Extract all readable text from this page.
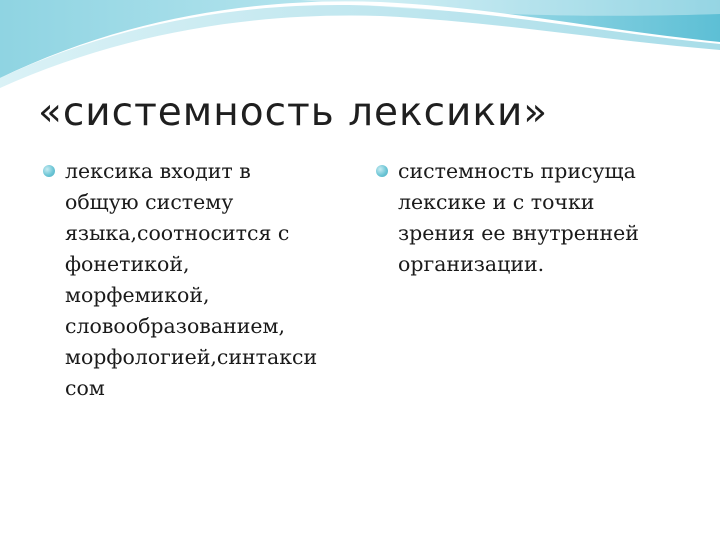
«системность лексики»
лексика входит в
общую систему
языка,соотносится с
фонетикой,
морфемикой,
словообразованием,
морфологией,синтакси
сом
системность присуща
лексике и с точки
зрения ее внутренней
организации.
